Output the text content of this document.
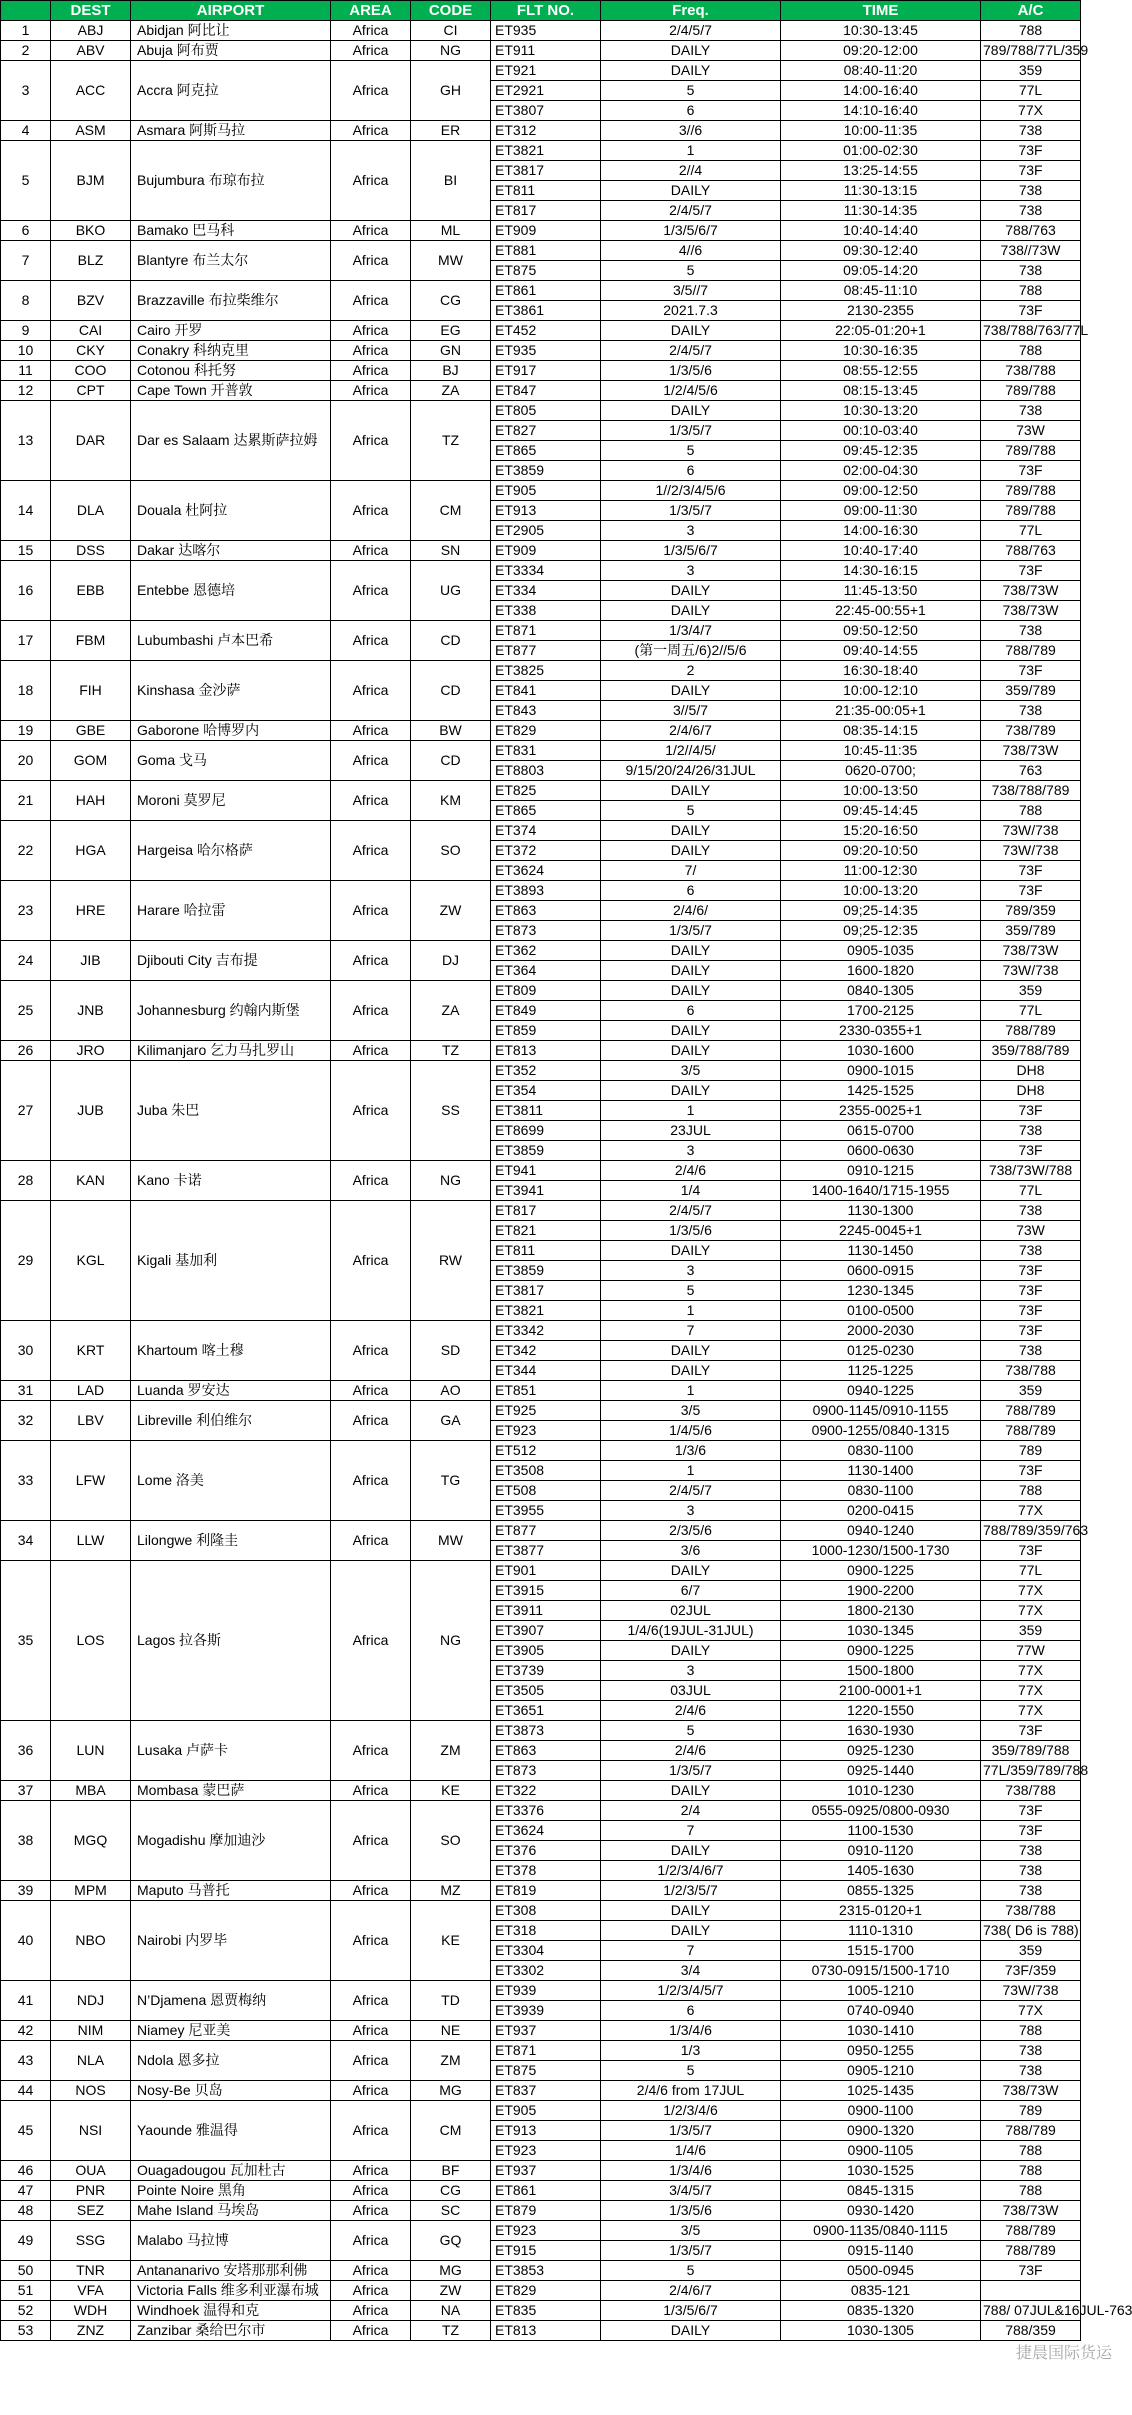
	DEST	AIRPORT	AREA	CODE	FLT NO.	Freq.	TIME	A/C
1	ABJ	Abidjan 阿比让	Africa	CI	ET935	2/4/5/7	10:30-13:45	788
2	ABV	Abuja 阿布贾	Africa	NG	ET911	DAILY	09:20-12:00	789/788/77L/359
3	ACC	Accra 阿克拉	Africa	GH	ET921	DAILY	08:40-11:20	359
					ET2921	5	14:00-16:40	77L
					ET3807	6	14:10-16:40	77X
4	ASM	Asmara 阿斯马拉	Africa	ER	ET312	3//6	10:00-11:35	738
5	BJM	Bujumbura 布琼布拉	Africa	BI	ET3821	1	01:00-02:30	73F
					ET3817	2//4	13:25-14:55	73F
					ET811	DAILY	11:30-13:15	738
					ET817	2/4/5/7	11:30-14:35	738
6	BKO	Bamako 巴马科	Africa	ML	ET909	1/3/5/6/7	10:40-14:40	788/763
7	BLZ	Blantyre 布兰太尔	Africa	MW	ET881	4//6	09:30-12:40	738//73W
					ET875	5	09:05-14:20	738
8	BZV	Brazzaville 布拉柴维尔	Africa	CG	ET861	3/5//7	08:45-11:10	788
					ET3861	2021.7.3	2130-2355	73F
9	CAI	Cairo 开罗	Africa	EG	ET452	DAILY	22:05-01:20+1	738/788/763/77L
10	CKY	Conakry 科纳克里	Africa	GN	ET935	2/4/5/7	10:30-16:35	788
11	COO	Cotonou 科托努	Africa	BJ	ET917	1/3/5/6	08:55-12:55	738/788
12	CPT	Cape Town 开普敦	Africa	ZA	ET847	1/2/4/5/6	08:15-13:45	789/788
13	DAR	Dar es Salaam 达累斯萨拉姆	Africa	TZ	ET805	DAILY	10:30-13:20	738
					ET827	1/3/5/7	00:10-03:40	73W
					ET865	5	09:45-12:35	789/788
					ET3859	6	02:00-04:30	73F
14	DLA	Douala 杜阿拉	Africa	CM	ET905	1//2/3/4/5/6	09:00-12:50	789/788
					ET913	1/3/5/7	09:00-11:30	789/788
					ET2905	3	14:00-16:30	77L
15	DSS	Dakar 达喀尔	Africa	SN	ET909	1/3/5/6/7	10:40-17:40	788/763
16	EBB	Entebbe 恩德培	Africa	UG	ET3334	3	14:30-16:15	73F
					ET334	DAILY	11:45-13:50	738/73W
					ET338	DAILY	22:45-00:55+1	738/73W
17	FBM	Lubumbashi 卢本巴希	Africa	CD	ET871	1/3/4/7	09:50-12:50	738
					ET877	(第一周五/6)2//5/6	09:40-14:55	788/789
18	FIH	Kinshasa 金沙萨	Africa	CD	ET3825	2	16:30-18:40	73F
					ET841	DAILY	10:00-12:10	359/789
					ET843	3//5/7	21:35-00:05+1	738
19	GBE	Gaborone 哈博罗内	Africa	BW	ET829	2/4/6/7	08:35-14:15	738/789
20	GOM	Goma 戈马	Africa	CD	ET831	1/2//4/5/	10:45-11:35	738/73W
					ET8803	9/15/20/24/26/31JUL	0620-0700;	763
21	HAH	Moroni 莫罗尼	Africa	KM	ET825	DAILY	10:00-13:50	738/788/789
					ET865	5	09:45-14:45	788
22	HGA	Hargeisa 哈尔格萨	Africa	SO	ET374	DAILY	15:20-16:50	73W/738
					ET372	DAILY	09:20-10:50	73W/738
					ET3624	7/	11:00-12:30	73F
23	HRE	Harare 哈拉雷	Africa	ZW	ET3893	6	10:00-13:20	73F
					ET863	2/4/6/	09;25-14:35	789/359
					ET873	1/3/5/7	09;25-12:35	359/789
24	JIB	Djibouti City 吉布提	Africa	DJ	ET362	DAILY	0905-1035	738/73W
					ET364	DAILY	1600-1820	73W/738
25	JNB	Johannesburg 约翰内斯堡	Africa	ZA	ET809	DAILY	0840-1305	359
					ET849	6	1700-2125	77L
					ET859	DAILY	2330-0355+1	788/789
26	JRO	Kilimanjaro 乞力马扎罗山	Africa	TZ	ET813	DAILY	1030-1600	359/788/789
27	JUB	Juba 朱巴	Africa	SS	ET352	3/5	0900-1015	DH8
					ET354	DAILY	1425-1525	DH8
					ET3811	1	2355-0025+1	73F
					ET8699	23JUL	0615-0700	738
					ET3859	3	0600-0630	73F
28	KAN	Kano 卡诺	Africa	NG	ET941	2/4/6	0910-1215	738/73W/788
					ET3941	1/4	1400-1640/1715-1955	77L
29	KGL	Kigali 基加利	Africa	RW	ET817	2/4/5/7	1130-1300	738
					ET821	1/3/5/6	2245-0045+1	73W
					ET811	DAILY	1130-1450	738
					ET3859	3	0600-0915	73F
					ET3817	5	1230-1345	73F
					ET3821	1	0100-0500	73F
30	KRT	Khartoum 喀土穆	Africa	SD	ET3342	7	2000-2030	73F
					ET342	DAILY	0125-0230	738
					ET344	DAILY	1125-1225	738/788
31	LAD	Luanda 罗安达	Africa	AO	ET851	1	0940-1225	359
32	LBV	Libreville 利伯维尔	Africa	GA	ET925	3/5	0900-1145/0910-1155	788/789
					ET923	1/4/5/6	0900-1255/0840-1315	788/789
33	LFW	Lome 洛美	Africa	TG	ET512	1/3/6	0830-1100	789
					ET3508	1	1130-1400	73F
					ET508	2/4/5/7	0830-1100	788
					ET3955	3	0200-0415	77X
34	LLW	Lilongwe 利隆圭	Africa	MW	ET877	2/3/5/6	0940-1240	788/789/359/763
					ET3877	3/6	1000-1230/1500-1730	73F
35	LOS	Lagos 拉各斯	Africa	NG	ET901	DAILY	0900-1225	77L
					ET3915	6/7	1900-2200	77X
					ET3911	02JUL	1800-2130	77X
					ET3907	1/4/6(19JUL-31JUL)	1030-1345	359
					ET3905	DAILY	0900-1225	77W
					ET3739	3	1500-1800	77X
					ET3505	03JUL	2100-0001+1	77X
					ET3651	2/4/6	1220-1550	77X
36	LUN	Lusaka 卢萨卡	Africa	ZM	ET3873	5	1630-1930	73F
					ET863	2/4/6	0925-1230	359/789/788
					ET873	1/3/5/7	0925-1440	77L/359/789/788
37	MBA	Mombasa 蒙巴萨	Africa	KE	ET322	DAILY	1010-1230	738/788
38	MGQ	Mogadishu 摩加迪沙	Africa	SO	ET3376	2/4	0555-0925/0800-0930	73F
					ET3624	7	1100-1530	73F
					ET376	DAILY	0910-1120	738
					ET378	1/2/3/4/6/7	1405-1630	738
39	MPM	Maputo 马普托	Africa	MZ	ET819	1/2/3/5/7	0855-1325	738
40	NBO	Nairobi 内罗毕	Africa	KE	ET308	DAILY	2315-0120+1	738/788
					ET318	DAILY	1110-1310	738( D6 is 788)
					ET3304	7	1515-1700	359
					ET3302	3/4	0730-0915/1500-1710	73F/359
41	NDJ	N’Djamena 恩贾梅纳	Africa	TD	ET939	1/2/3/4/5/7	1005-1210	73W/738
					ET3939	6	0740-0940	77X
42	NIM	Niamey 尼亚美	Africa	NE	ET937	1/3/4/6	1030-1410	788
43	NLA	Ndola 恩多拉	Africa	ZM	ET871	1/3	0950-1255	738
					ET875	5	0905-1210	738
44	NOS	Nosy-Be 贝岛	Africa	MG	ET837	2/4/6 from 17JUL	1025-1435	738/73W
45	NSI	Yaounde 雅温得	Africa	CM	ET905	1/2/3/4/6	0900-1100	789
					ET913	1/3/5/7	0900-1320	788/789
					ET923	1/4/6	0900-1105	788
46	OUA	Ouagadougou 瓦加杜古	Africa	BF	ET937	1/3/4/6	1030-1525	788
47	PNR	Pointe Noire 黑角	Africa	CG	ET861	3/4/5/7	0845-1315	788
48	SEZ	Mahe Island 马埃岛	Africa	SC	ET879	1/3/5/6	0930-1420	738/73W
49	SSG	Malabo 马拉博	Africa	GQ	ET923	3/5	0900-1135/0840-1115	788/789
					ET915	1/3/5/7	0915-1140	788/789
50	TNR	Antananarivo 安塔那那利佛	Africa	MG	ET3853	5	0500-0945	73F
51	VFA	Victoria Falls 维多利亚瀑布城	Africa	ZW	ET829	2/4/6/7	0835-121	
52	WDH	Windhoek 温得和克	Africa	NA	ET835	1/3/5/6/7	0835-1320	788/ 07JUL&16JUL-763
53	ZNZ	Zanzibar 桑给巴尔市	Africa	TZ	ET813	DAILY	1030-1305	788/359
捷晨国际货运
